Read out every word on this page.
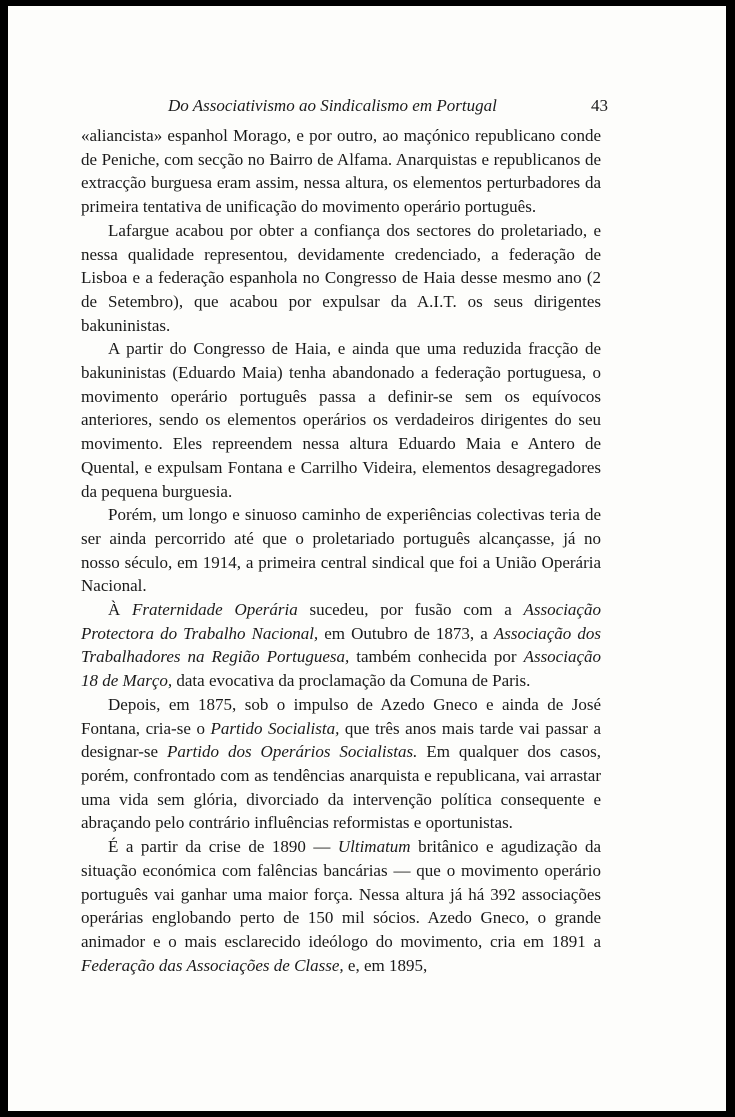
Do Associativismo ao Sindicalismo em Portugal	43

«aliancista» espanhol Morago, e por outro, ao maçónico republicano conde de Peniche, com secção no Bairro de Alfama. Anarquistas e republicanos de extracção burguesa eram assim, nessa altura, os elementos perturbadores da primeira tentativa de unificação do movimento operário português.

Lafargue acabou por obter a confiança dos sectores do proletariado, e nessa qualidade representou, devidamente credenciado, a federação de Lisboa e a federação espanhola no Congresso de Haia desse mesmo ano (2 de Setembro), que acabou por expulsar da A.I.T. os seus dirigentes bakuninistas.

A partir do Congresso de Haia, e ainda que uma reduzida fracção de bakuninistas (Eduardo Maia) tenha abandonado a federação portuguesa, o movimento operário português passa a definir-se sem os equívocos anteriores, sendo os elementos operários os verdadeiros dirigentes do seu movimento. Eles repreendem nessa altura Eduardo Maia e Antero de Quental, e expulsam Fontana e Carrilho Videira, elementos desagregadores da pequena burguesia.

Porém, um longo e sinuoso caminho de experiências colectivas teria de ser ainda percorrido até que o proletariado português alcançasse, já no nosso século, em 1914, a primeira central sindical que foi a União Operária Nacional.

À Fraternidade Operária sucedeu, por fusão com a Associação Protectora do Trabalho Nacional, em Outubro de 1873, a Associação dos Trabalhadores na Região Portuguesa, também conhecida por Associação 18 de Março, data evocativa da proclamação da Comuna de Paris.

Depois, em 1875, sob o impulso de Azedo Gneco e ainda de José Fontana, cria-se o Partido Socialista, que três anos mais tarde vai passar a designar-se Partido dos Operários Socialistas. Em qualquer dos casos, porém, confrontado com as tendências anarquista e republicana, vai arrastar uma vida sem glória, divorciado da intervenção política consequente e abraçando pelo contrário influências reformistas e oportunistas.

É a partir da crise de 1890 — Ultimatum britânico e agudização da situação económica com falências bancárias — que o movimento operário português vai ganhar uma maior força. Nessa altura já há 392 associações operárias englobando perto de 150 mil sócios. Azedo Gneco, o grande animador e o mais esclarecido ideólogo do movimento, cria em 1891 a Federação das Associações de Classe, e, em 1895,
